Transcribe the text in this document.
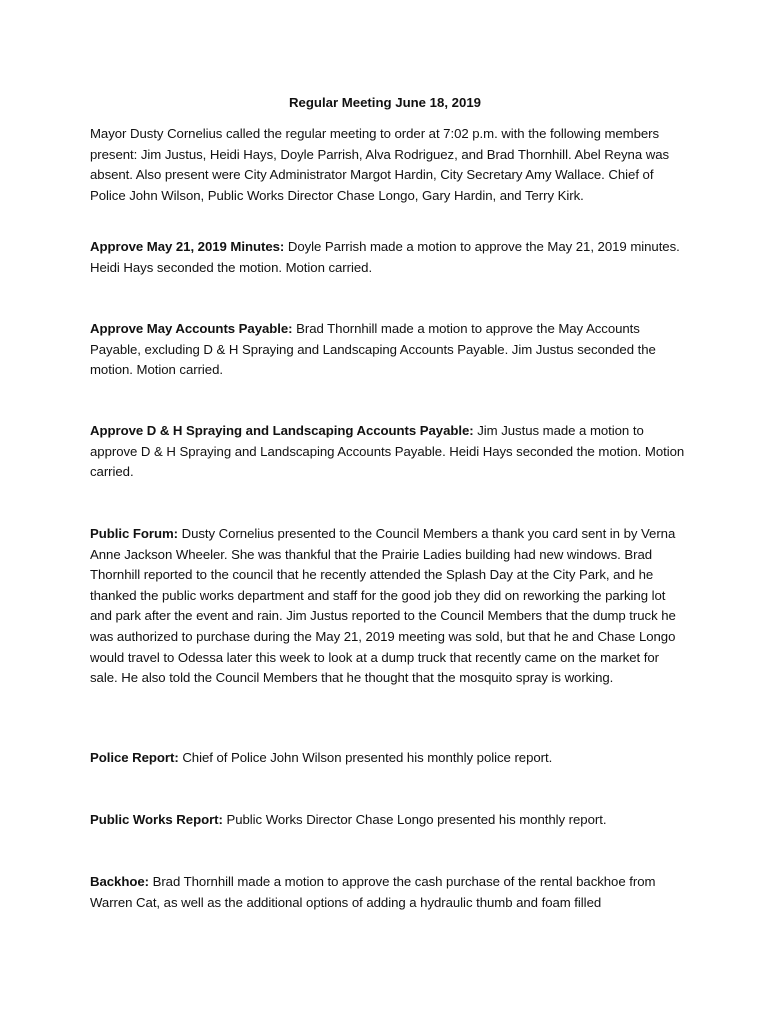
Regular Meeting June 18, 2019

Mayor Dusty Cornelius called the regular meeting to order at 7:02 p.m. with the following members present: Jim Justus, Heidi Hays, Doyle Parrish, Alva Rodriguez, and Brad Thornhill. Abel Reyna was absent. Also present were City Administrator Margot Hardin, City Secretary Amy Wallace. Chief of Police John Wilson, Public Works Director Chase Longo, Gary Hardin, and Terry Kirk.

Approve May 21, 2019 Minutes: Doyle Parrish made a motion to approve the May 21, 2019 minutes. Heidi Hays seconded the motion. Motion carried.

Approve May Accounts Payable: Brad Thornhill made a motion to approve the May Accounts Payable, excluding D & H Spraying and Landscaping Accounts Payable. Jim Justus seconded the motion. Motion carried.

Approve D & H Spraying and Landscaping Accounts Payable: Jim Justus made a motion to approve D & H Spraying and Landscaping Accounts Payable. Heidi Hays seconded the motion. Motion carried.

Public Forum: Dusty Cornelius presented to the Council Members a thank you card sent in by Verna Anne Jackson Wheeler. She was thankful that the Prairie Ladies building had new windows. Brad Thornhill reported to the council that he recently attended the Splash Day at the City Park, and he thanked the public works department and staff for the good job they did on reworking the parking lot and park after the event and rain. Jim Justus reported to the Council Members that the dump truck he was authorized to purchase during the May 21, 2019 meeting was sold, but that he and Chase Longo would travel to Odessa later this week to look at a dump truck that recently came on the market for sale. He also told the Council Members that he thought that the mosquito spray is working.

Police Report: Chief of Police John Wilson presented his monthly police report.

Public Works Report: Public Works Director Chase Longo presented his monthly report.

Backhoe: Brad Thornhill made a motion to approve the cash purchase of the rental backhoe from Warren Cat, as well as the additional options of adding a hydraulic thumb and foam filled
